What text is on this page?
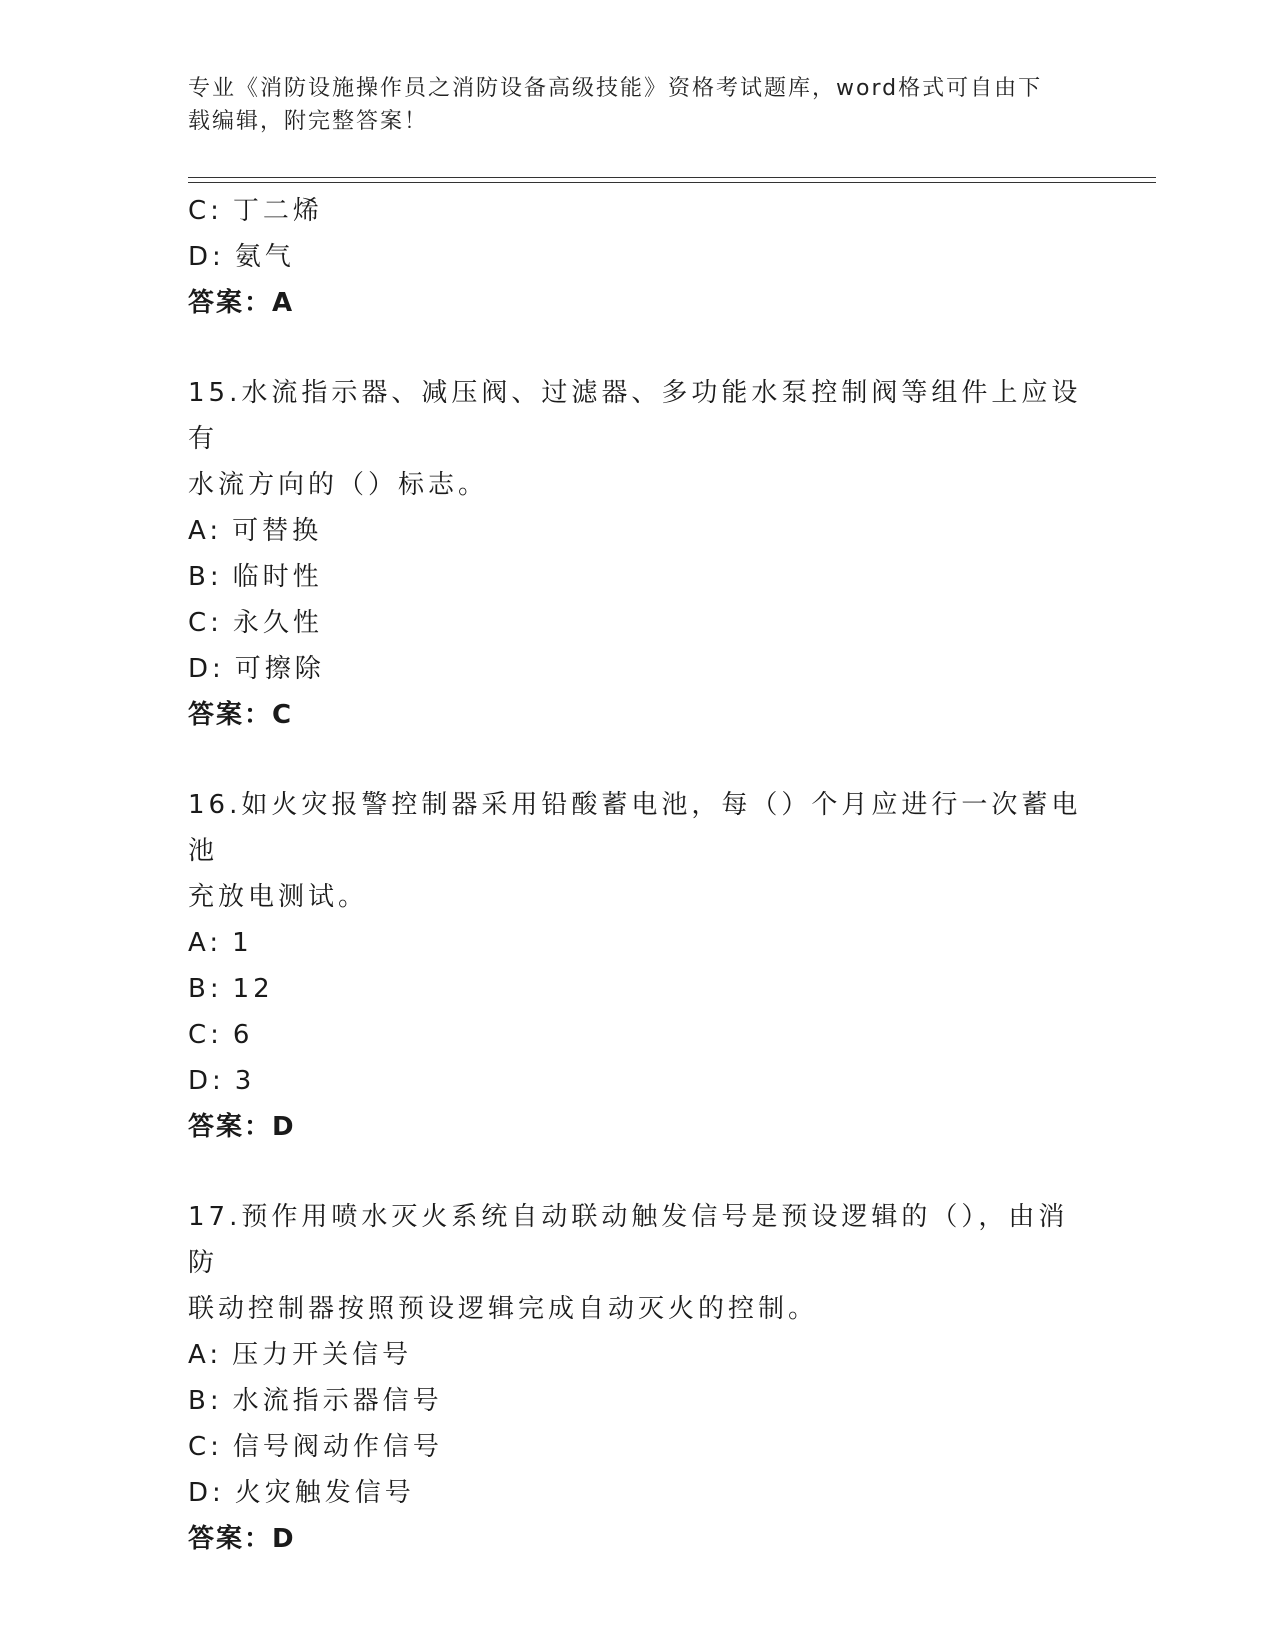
专业《消防设施操作员之消防设备高级技能》资格考试题库，word格式可自由下
载编辑，附完整答案！
C: 丁二烯
D: 氨气
答案：A
15.水流指示器、减压阀、过滤器、多功能水泵控制阀等组件上应设有
水流方向的（）标志。
A: 可替换
B: 临时性
C: 永久性
D: 可擦除
答案：C
16.如火灾报警控制器采用铅酸蓄电池，每（）个月应进行一次蓄电池
充放电测试。
A: 1
B: 12
C: 6
D: 3
答案：D
17.预作用喷水灭火系统自动联动触发信号是预设逻辑的（），由消防
联动控制器按照预设逻辑完成自动灭火的控制。
A: 压力开关信号
B: 水流指示器信号
C: 信号阀动作信号
D: 火灾触发信号
答案：D
